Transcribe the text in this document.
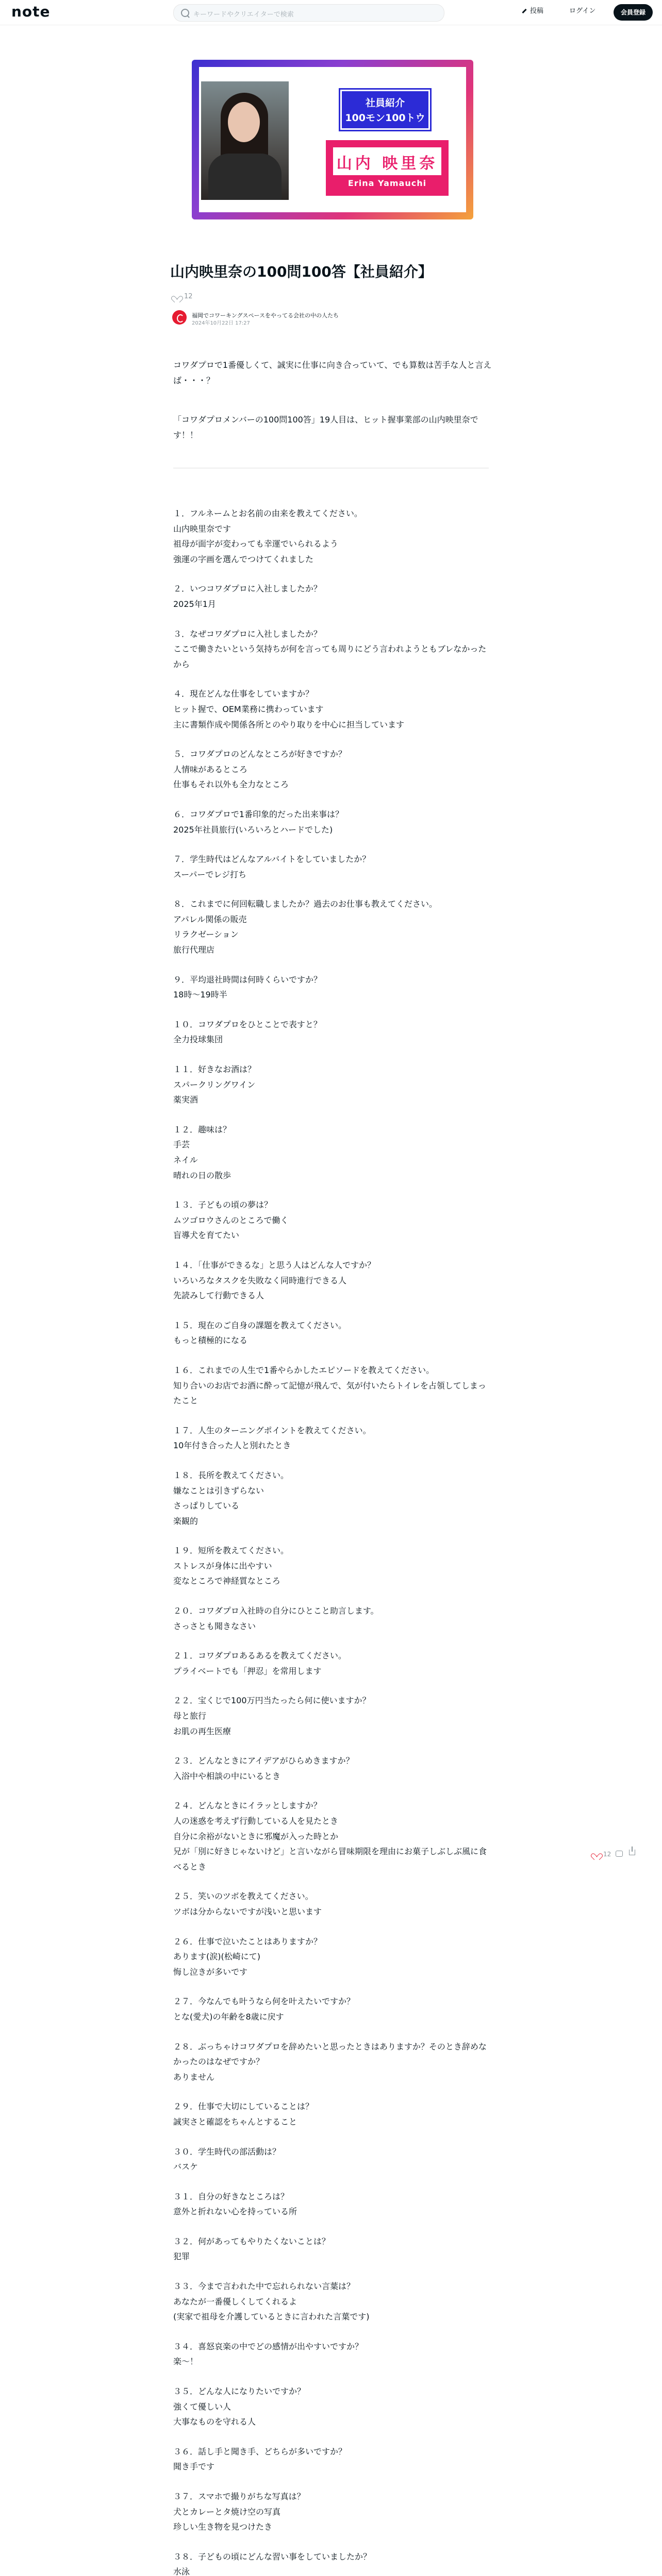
note	キーワードやクリエイターで検索	投稿	ログイン	会員登録
社員紹介
100モン100トウ
山内 映里奈
Erina Yamauchi
山内映里奈の100問100答【社員紹介】
12
福岡でコワーキングスペースをやってる会社の中の人たち
2024年10月22日 17:27

コワダプロで1番優しくて、誠実に仕事に向き合っていて、でも算数は苦手な人と言えば・・・？

「コワダプロメンバーの100問100答」19人目は、ヒット握事業部の山内映里奈です！！

１．フルネームとお名前の由来を教えてください。
山内映里奈です
祖母が面字が変わっても幸運でいられるよう
強運の字画を選んでつけてくれました
２．いつコワダプロに入社しましたか？
2025年1月
３．なぜコワダプロに入社しましたか？
ここで働きたいという気持ちが何を言っても周りにどう言われようともブレなかったから
４．現在どんな仕事をしていますか？
ヒット握で、OEM業務に携わっています
主に書類作成や関係各所とのやり取りを中心に担当しています
５．コワダプロのどんなところが好きですか？
人情味があるところ
仕事もそれ以外も全力なところ
６．コワダプロで1番印象的だった出来事は？
2025年社員旅行(いろいろとハードでした)
７．学生時代はどんなアルバイトをしていましたか？
スーパーでレジ打ち
８．これまでに何回転職しましたか？過去のお仕事も教えてください。
アパレル関係の販売
リラクゼーション
旅行代理店
９．平均退社時間は何時くらいですか？
18時〜19時半
１０．コワダプロをひとことで表すと？
全力投球集団
１１．好きなお酒は？
スパークリングワイン
薬実酒
１２．趣味は？
手芸
ネイル
晴れの日の散歩
１３．子どもの頃の夢は？
ムツゴロウさんのところで働く
盲導犬を育てたい
１４．「仕事ができるな」と思う人はどんな人ですか？
いろいろなタスクを失敗なく同時進行できる人
先読みして行動できる人
１５．現在のご自身の課題を教えてください。
もっと積極的になる
１６．これまでの人生で1番やらかしたエピソードを教えてください。
知り合いのお店でお酒に酔って記憶が飛んで、気が付いたらトイレを占領してしまったこと
１７．人生のターニングポイントを教えてください。
10年付き合った人と別れたとき
１８．長所を教えてください。
嫌なことは引きずらない
さっぱりしている
楽観的
１９．短所を教えてください。
ストレスが身体に出やすい
変なところで神経質なところ
２０．コワダプロ入社時の自分にひとこと助言します。
さっさとも聞きなさい
２１．コワダプロあるあるを教えてください。
プライベートでも「押忍」を常用します
２２．宝くじで100万円当たったら何に使いますか？
母と旅行
お肌の再生医療
２３．どんなときにアイデアがひらめきますか？
入浴中や相談の中にいるとき
２４．どんなときにイラッとしますか？
人の迷惑を考えず行動している人を見たとき
自分に余裕がないときに邪魔が入った時とか
兄が「別に好きじゃないけど」と言いながら冒味期限を理由にお菓子しぶしぶ風に食べるとき
２５．笑いのツボを教えてください。
ツボは分からないですが浅いと思います
２６．仕事で泣いたことはありますか？
あります(涙)(松崎にて)
悔し泣きが多いです
２７．今なんでも叶うなら何を叶えたいですか？
とな(愛犬)の年齢を8歳に戻す
２８．ぶっちゃけコワダプロを辞めたいと思ったときはありますか？そのとき辞めなかったのはなぜですか？
ありません
２９．仕事で大切にしていることは？
誠実さと確認をちゃんとすること
３０．学生時代の部活動は？
バスケ
３１．自分の好きなところは？
意外と折れない心を持っている所
３２．何があってもやりたくないことは？
犯罪
３３．今まで言われた中で忘れられない言葉は？
あなたが一番優しくしてくれるよ
(実家で祖母を介護しているときに言われた言葉です)
３４．喜怒哀楽の中でどの感情が出やすいですか？
楽〜！
３５．どんな人になりたいですか？
強くて優しい人
大事なものを守れる人
３６．話し手と聞き手、どちらが多いですか？
聞き手です
３７．スマホで撮りがちな写真は？
犬とカレーとタ焼け空の写真
珍しい生き物を見つけたき
３８．子どもの頃にどんな習い事をしていましたか？
水泳
12
